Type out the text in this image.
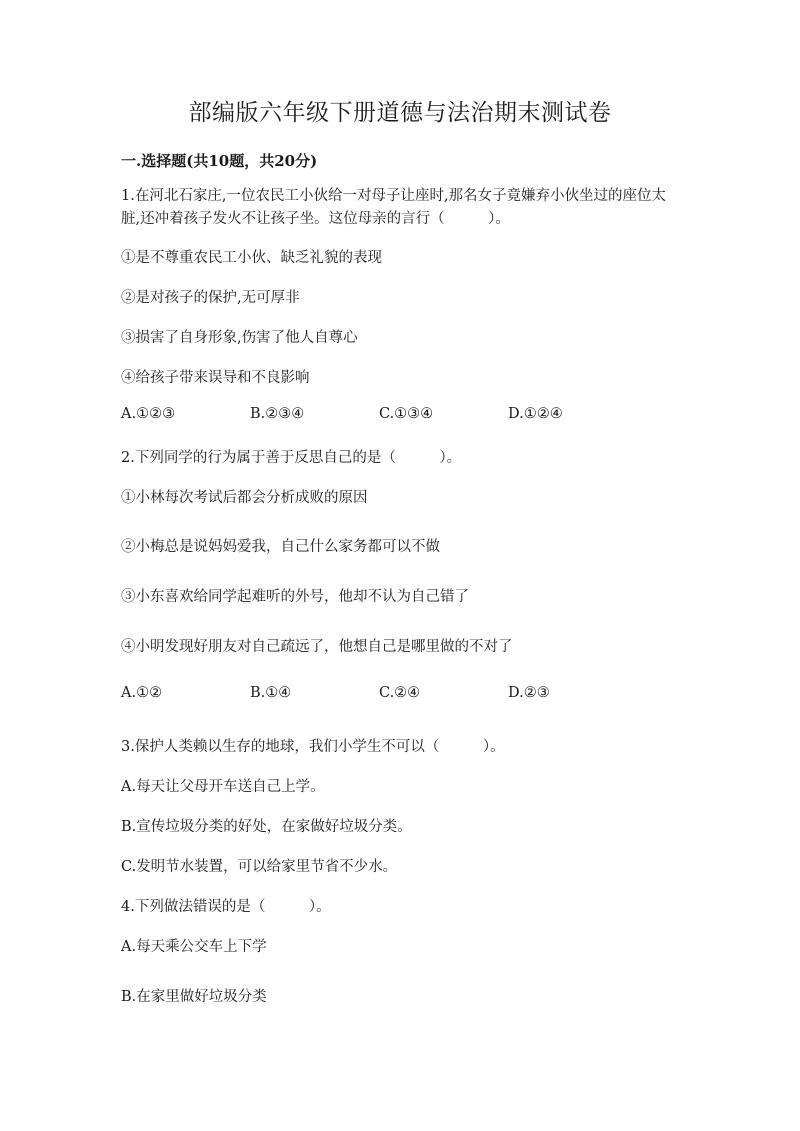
部编版六年级下册道德与法治期末测试卷
一.选择题(共10题，共20分)
1.在河北石家庄,一位农民工小伙给一对母子让座时,那名女子竟嫌弃小伙坐过的座位太脏,还冲着孩子发火不让孩子坐。这位母亲的言行（　　　）。
①是不尊重农民工小伙、缺乏礼貌的表现
②是对孩子的保护,无可厚非
③损害了自身形象,伤害了他人自尊心
④给孩子带来误导和不良影响
A.①②③	B.②③④	C.①③④	D.①②④
2.下列同学的行为属于善于反思自己的是（　　　）。
①小林每次考试后都会分析成败的原因
②小梅总是说妈妈爱我，自己什么家务都可以不做
③小东喜欢给同学起难听的外号，他却不认为自己错了
④小明发现好朋友对自己疏远了，他想自己是哪里做的不对了
A.①②	B.①④	C.②④	D.②③
3.保护人类赖以生存的地球，我们小学生不可以（　　　）。
A.每天让父母开车送自己上学。
B.宣传垃圾分类的好处，在家做好垃圾分类。
C.发明节水装置，可以给家里节省不少水。
4.下列做法错误的是（　　　）。
A.每天乘公交车上下学
B.在家里做好垃圾分类
